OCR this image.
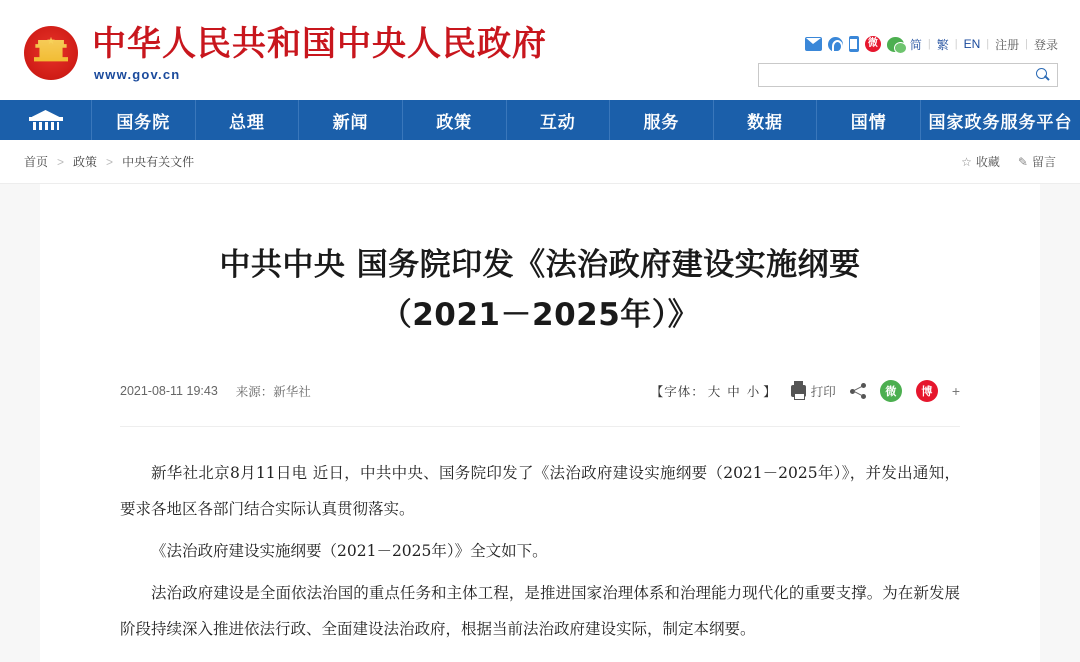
中华人民共和国中央人民政府
www.gov.cn
微	简 | 繁 | EN | 注册 | 登录
国务院	总理	新闻	政策	互动	服务	数据	国情	国家政务服务平台
首页 > 政策 > 中央有关文件	☆ 收藏 ✎ 留言
中共中央 国务院印发《法治政府建设实施纲要
（2021－2025年）》
2021-08-11 19:43 来源：新华社	【字体： 大 中 小 】	打印	微	博	+

新华社北京8月11日电 近日，中共中央、国务院印发了《法治政府建设实施纲要（2021－2025年）》，并发出通知，要求各地区各部门结合实际认真贯彻落实。

《法治政府建设实施纲要（2021－2025年）》全文如下。

法治政府建设是全面依法治国的重点任务和主体工程，是推进国家治理体系和治理能力现代化的重要支撑。为在新发展阶段持续深入推进依法行政、全面建设法治政府，根据当前法治政府建设实际，制定本纲要。
